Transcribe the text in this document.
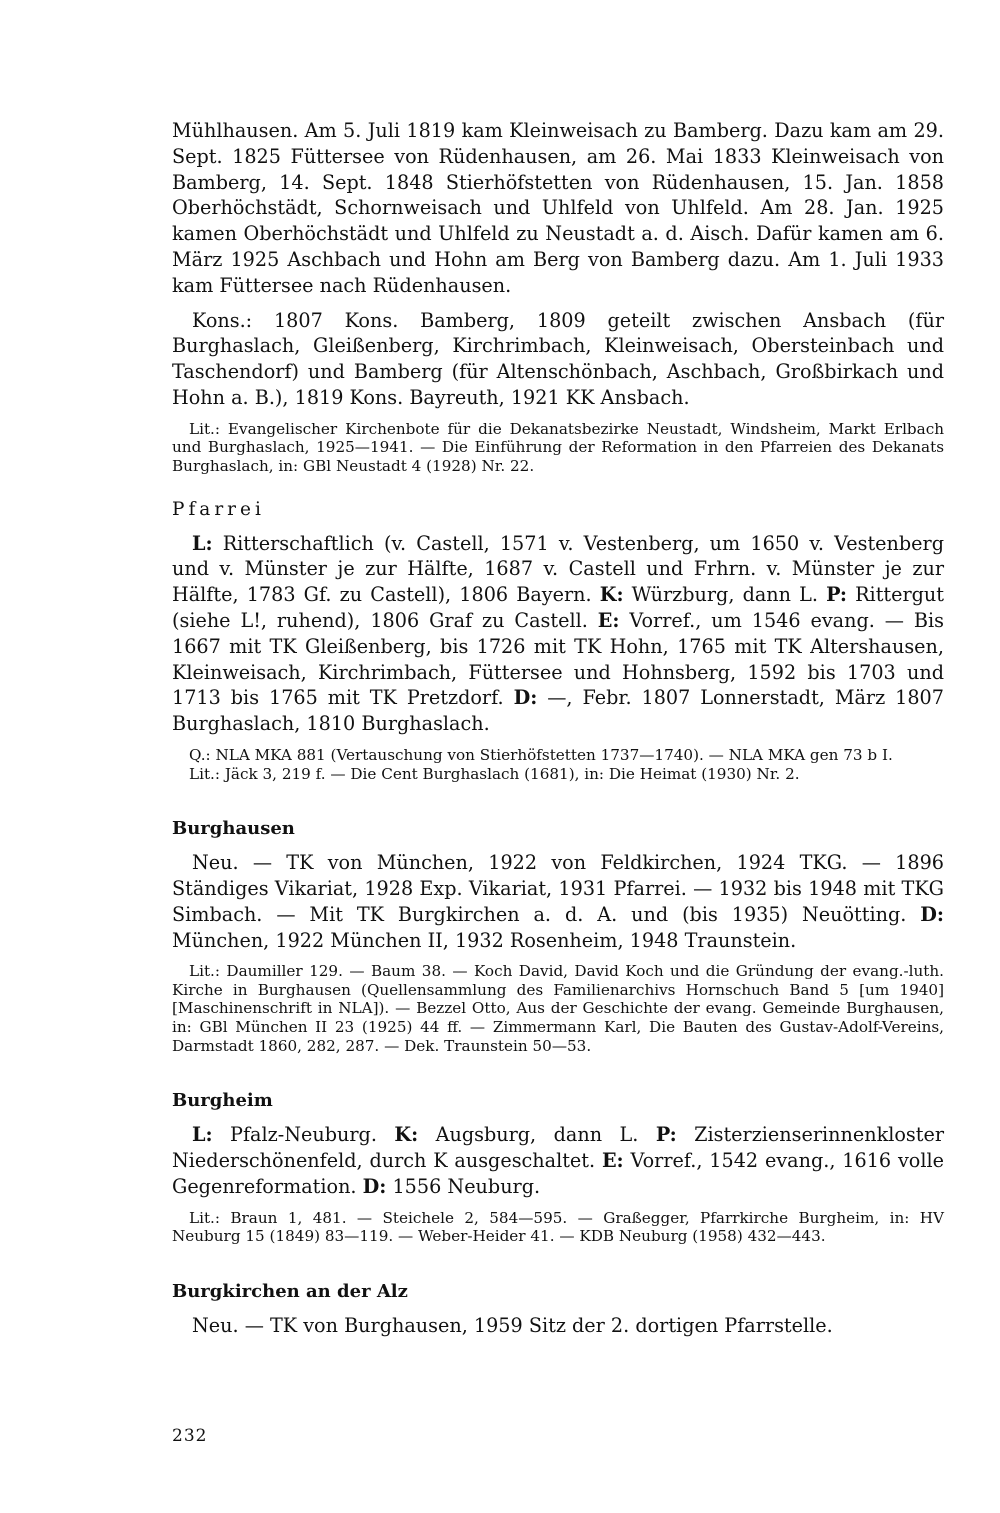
Mühlhausen. Am 5. Juli 1819 kam Kleinweisach zu Bamberg. Dazu kam am 29. Sept. 1825 Füttersee von Rüdenhausen, am 26. Mai 1833 Kleinweisach von Bamberg, 14. Sept. 1848 Stierhöfstetten von Rüdenhausen, 15. Jan. 1858 Oberhöchstädt, Schornweisach und Uhlfeld von Uhlfeld. Am 28. Jan. 1925 kamen Oberhöchstädt und Uhlfeld zu Neustadt a. d. Aisch. Dafür kamen am 6. März 1925 Aschbach und Hohn am Berg von Bamberg dazu. Am 1. Juli 1933 kam Füttersee nach Rüdenhausen.

Kons.: 1807 Kons. Bamberg, 1809 geteilt zwischen Ansbach (für Burghaslach, Gleißenberg, Kirchrimbach, Kleinweisach, Obersteinbach und Taschendorf) und Bamberg (für Altenschönbach, Aschbach, Großbirkach und Hohn a. B.), 1819 Kons. Bayreuth, 1921 KK Ansbach.

Lit.: Evangelischer Kirchenbote für die Dekanatsbezirke Neustadt, Windsheim, Markt Erlbach und Burghaslach, 1925—1941. — Die Einführung der Reformation in den Pfarreien des Dekanats Burghaslach, in: GBl Neustadt 4 (1928) Nr. 22.

Pfarrei

L: Ritterschaftlich (v. Castell, 1571 v. Vestenberg, um 1650 v. Vestenberg und v. Münster je zur Hälfte, 1687 v. Castell und Frhrn. v. Münster je zur Hälfte, 1783 Gf. zu Castell), 1806 Bayern. K: Würzburg, dann L. P: Rittergut (siehe L!, ruhend), 1806 Graf zu Castell. E: Vorref., um 1546 evang. — Bis 1667 mit TK Gleißenberg, bis 1726 mit TK Hohn, 1765 mit TK Altershausen, Kleinweisach, Kirchrimbach, Füttersee und Hohnsberg, 1592 bis 1703 und 1713 bis 1765 mit TK Pretzdorf. D: —, Febr. 1807 Lonnerstadt, März 1807 Burghaslach, 1810 Burghaslach.

Q.: NLA MKA 881 (Vertauschung von Stierhöfstetten 1737—1740). — NLA MKA gen 73 b I.

Lit.: Jäck 3, 219 f. — Die Cent Burghaslach (1681), in: Die Heimat (1930) Nr. 2.

Burghausen

Neu. — TK von München, 1922 von Feldkirchen, 1924 TKG. — 1896 Ständiges Vikariat, 1928 Exp. Vikariat, 1931 Pfarrei. — 1932 bis 1948 mit TKG Simbach. — Mit TK Burgkirchen a. d. A. und (bis 1935) Neuötting. D: München, 1922 München II, 1932 Rosenheim, 1948 Traunstein.

Lit.: Daumiller 129. — Baum 38. — Koch David, David Koch und die Gründung der evang.-luth. Kirche in Burghausen (Quellensammlung des Familienarchivs Hornschuch Band 5 [um 1940] [Maschinenschrift in NLA]). — Bezzel Otto, Aus der Geschichte der evang. Gemeinde Burghausen, in: GBl München II 23 (1925) 44 ff. — Zimmermann Karl, Die Bauten des Gustav-Adolf-Vereins, Darmstadt 1860, 282, 287. — Dek. Traunstein 50—53.

Burgheim

L: Pfalz-Neuburg. K: Augsburg, dann L. P: Zisterzienserinnenkloster Niederschönenfeld, durch K ausgeschaltet. E: Vorref., 1542 evang., 1616 volle Gegenreformation. D: 1556 Neuburg.

Lit.: Braun 1, 481. — Steichele 2, 584—595. — Graßegger, Pfarrkirche Burgheim, in: HV Neuburg 15 (1849) 83—119. — Weber-Heider 41. — KDB Neuburg (1958) 432—443.

Burgkirchen an der Alz

Neu. — TK von Burghausen, 1959 Sitz der 2. dortigen Pfarrstelle.

232
